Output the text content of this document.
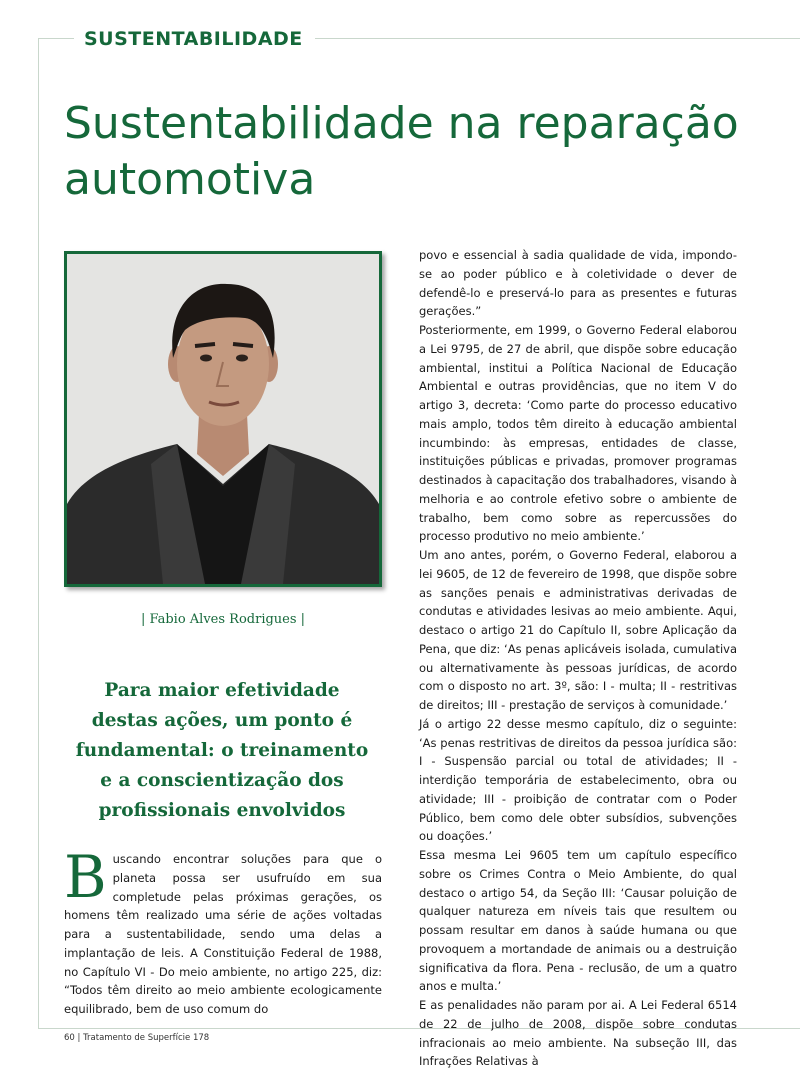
SUSTENTABILIDADE
Sustentabilidade na reparação automotiva
| Fabio Alves Rodrigues |

Para maior efetividade destas ações, um ponto é fundamental: o treinamento e a conscientização dos profissionais envolvidos

Buscando encontrar soluções para que o planeta possa ser usufruído em sua completude pelas próximas gerações, os homens têm realizado uma série de ações voltadas para a sustentabilidade, sendo uma delas a implantação de leis. A Constituição Federal de 1988, no Capítulo VI - Do meio ambiente, no artigo 225, diz: “Todos têm direito ao meio ambiente ecologicamente equilibrado, bem de uso comum do

povo e essencial à sadia qualidade de vida, impondo-se ao poder público e à coletividade o dever de defendê-lo e preservá-lo para as presentes e futuras gerações.”

Posteriormente, em 1999, o Governo Federal elaborou a Lei 9795, de 27 de abril, que dispõe sobre educação ambiental, institui a Política Nacional de Educação Ambiental e outras providências, que no item V do artigo 3, decreta: ‘Como parte do processo educativo mais amplo, todos têm direito à educação ambiental incumbindo: às empresas, entidades de classe, instituições públicas e privadas, promover programas destinados à capacitação dos trabalhadores, visando à melhoria e ao controle efetivo sobre o ambiente de trabalho, bem como sobre as repercussões do processo produtivo no meio ambiente.’

Um ano antes, porém, o Governo Federal, elaborou a lei 9605, de 12 de fevereiro de 1998, que dispõe sobre as sanções penais e administrativas derivadas de condutas e atividades lesivas ao meio ambiente. Aqui, destaco o artigo 21 do Capítulo II, sobre Aplicação da Pena, que diz: ‘As penas aplicáveis isolada, cumulativa ou alternativamente às pessoas jurídicas, de acordo com o disposto no art. 3º, são: I - multa; II - restritivas de direitos; III - prestação de serviços à comunidade.’

Já o artigo 22 desse mesmo capítulo, diz o seguinte: ‘As penas restritivas de direitos da pessoa jurídica são: I - Suspensão parcial ou total de atividades; II - interdição temporária de estabelecimento, obra ou atividade; III - proibição de contratar com o Poder Público, bem como dele obter subsídios, subvenções ou doações.’

Essa mesma Lei 9605 tem um capítulo específico sobre os Crimes Contra o Meio Ambiente, do qual destaco o artigo 54, da Seção III: ‘Causar poluição de qualquer natureza em níveis tais que resultem ou possam resultar em danos à saúde humana ou que provoquem a mortandade de animais ou a destruição significativa da flora. Pena - reclusão, de um a quatro anos e multa.’

E as penalidades não param por ai. A Lei Federal 6514 de 22 de julho de 2008, dispõe sobre condutas infracionais ao meio ambiente. Na subseção III, das Infrações Relativas à

60 | Tratamento de Superfície 178
